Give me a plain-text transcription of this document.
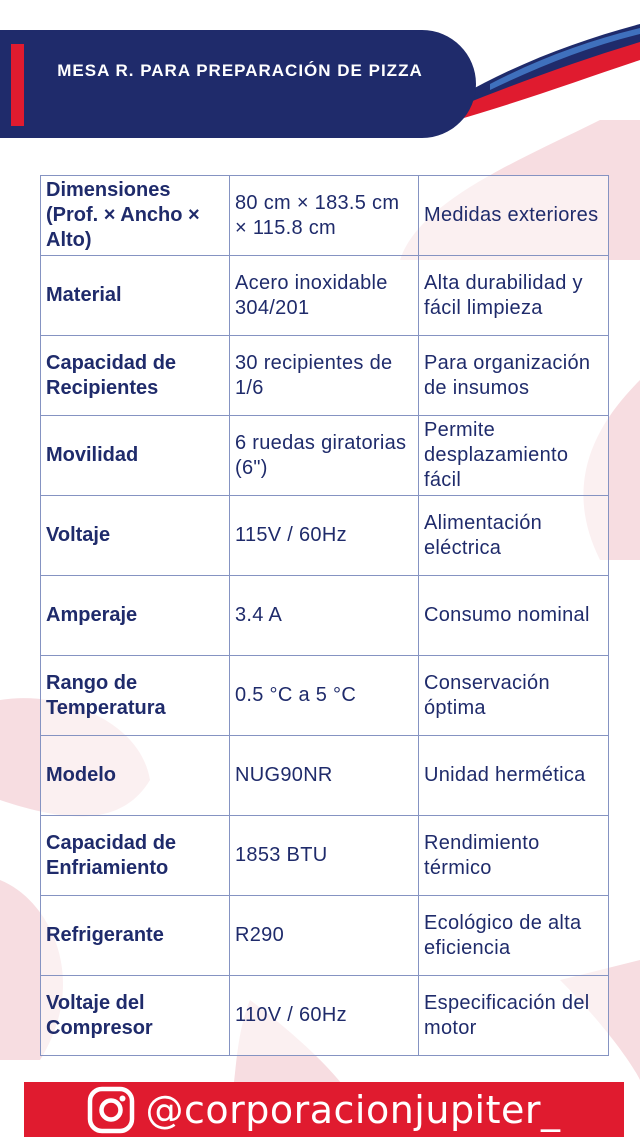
MESA R. PARA PREPARACIÓN DE PIZZA
Dimensiones (Prof. × Ancho × Alto)	80 cm × 183.5 cm × 115.8 cm	Medidas exteriores
Material	Acero inoxidable 304/201	Alta durabilidad y fácil limpieza
Capacidad de Recipientes	30 recipientes de 1/6	Para organización de insumos
Movilidad	6 ruedas giratorias (6")	Permite desplazamiento fácil
Voltaje	115V / 60Hz	Alimentación eléctrica
Amperaje	3.4 A	Consumo nominal
Rango de Temperatura	0.5 °C a 5 °C	Conservación óptima
Modelo	NUG90NR	Unidad hermética
Capacidad de Enfriamiento	1853 BTU	Rendimiento térmico
Refrigerante	R290	Ecológico de alta eficiencia
Voltaje del Compresor	110V / 60Hz	Especificación del motor
@corporacionjupiter_
